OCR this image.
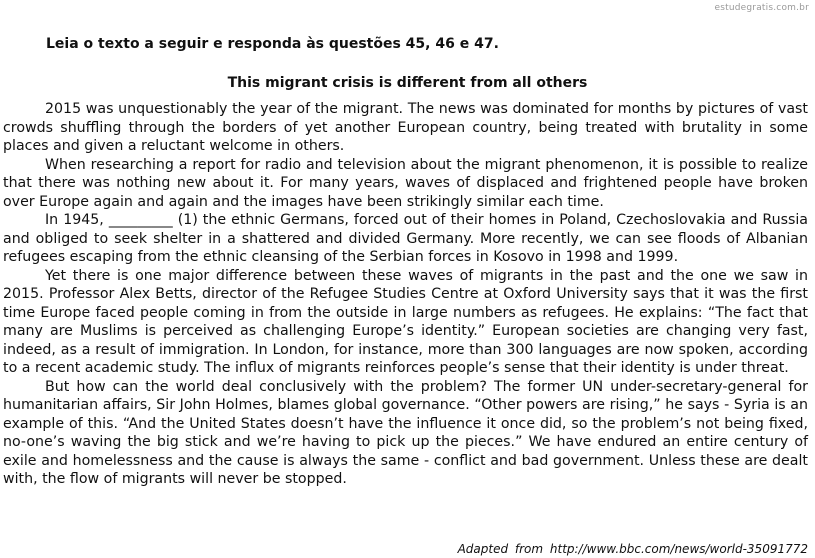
estudegratis.com.br
Leia o texto a seguir e responda às questões 45, 46 e 47.
This migrant crisis is different from all others

2015 was unquestionably the year of the migrant. The news was dominated for months by pictures of vast crowds shuffling through the borders of yet another European country, being treated with brutality in some places and given a reluctant welcome in others.

When researching a report for radio and television about the migrant phenomenon, it is possible to realize that there was nothing new about it. For many years, waves of displaced and frightened people have broken over Europe again and again and the images have been strikingly similar each time.

In 1945, _________ (1) the ethnic Germans, forced out of their homes in Poland, Czechoslovakia and Russia and obliged to seek shelter in a shattered and divided Germany. More recently, we can see floods of Albanian refugees escaping from the ethnic cleansing of the Serbian forces in Kosovo in 1998 and 1999.

Yet there is one major difference between these waves of migrants in the past and the one we saw in 2015. Professor Alex Betts, director of the Refugee Studies Centre at Oxford University says that it was the first time Europe faced people coming in from the outside in large numbers as refugees. He explains: “The fact that many are Muslims is perceived as challenging Europe’s identity.” European societies are changing very fast, indeed, as a result of immigration. In London, for instance, more than 300 languages are now spoken, according to a recent academic study. The influx of migrants reinforces people’s sense that their identity is under threat.

But how can the world deal conclusively with the problem? The former UN under-secretary-general for humanitarian affairs, Sir John Holmes, blames global governance. “Other powers are rising,” he says - Syria is an example of this. “And the United States doesn’t have the influence it once did, so the problem’s not being fixed, no-one’s waving the big stick and we’re having to pick up the pieces.” We have endured an entire century of exile and homelessness and the cause is always the same - conflict and bad government. Unless these are dealt with, the flow of migrants will never be stopped.

Adapted from http://www.bbc.com/news/world-35091772
